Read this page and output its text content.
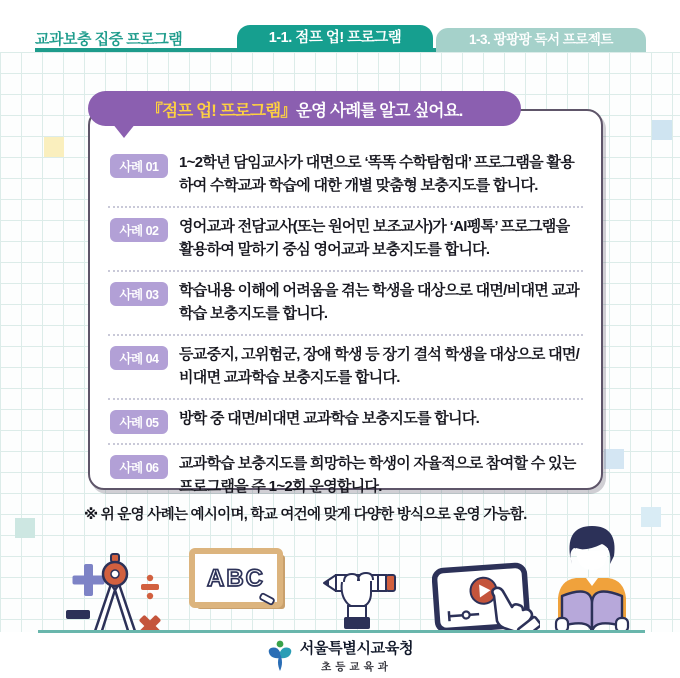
교과보충 집중 프로그램	1-1. 점프 업! 프로그램	1-3. 팡팡팡 독서 프로젝트
『점프 업! 프로그램』 운영 사례를 알고 싶어요.
사례 01	1~2학년 담임교사가 대면으로 ‘똑똑 수학탐험대’ 프로그램을 활용하여 수학교과 학습에 대한 개별 맞춤형 보충지도를 합니다.
사례 02	영어교과 전담교사(또는 원어민 보조교사)가 ‘AI펭톡’ 프로그램을 활용하여 말하기 중심 영어교과 보충지도를 합니다.
사례 03	학습내용 이해에 어려움을 겪는 학생을 대상으로 대면/비대면 교과학습 보충지도를 합니다.
사례 04	등교중지, 고위험군, 장애 학생 등 장기 결석 학생을 대상으로 대면/비대면 교과학습 보충지도를 합니다.
사례 05	방학 중 대면/비대면 교과학습 보충지도를 합니다.
사례 06	교과학습 보충지도를 희망하는 학생이 자율적으로 참여할 수 있는 프로그램을 주 1~2회 운영합니다.
※ 위 운영 사례는 예시이며, 학교 여건에 맞게 다양한 방식으로 운영 가능함.
ABC
서울특별시교육청
초등교육과
